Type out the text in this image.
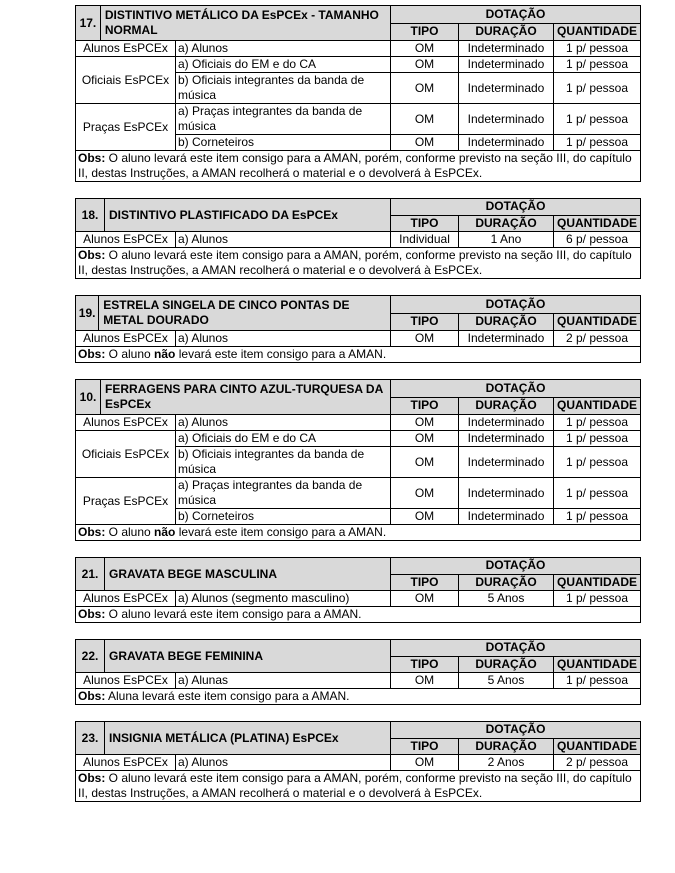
17.
DISTINTIVO METÁLICO DA EsPCEx - TAMANHO NORMAL		DOTAÇÃO		
		TIPO	DURAÇÃO	QUANTIDADE
Alunos EsPCEx	a) Alunos	OM	Indeterminado	1 p/ pessoa
Oficiais EsPCEx	a) Oficiais do EM e do CA	OM	Indeterminado	1 p/ pessoa
	b) Oficiais integrantes da banda de música	OM	Indeterminado	1 p/ pessoa
Praças EsPCEx	a) Praças integrantes da banda de música	OM	Indeterminado	1 p/ pessoa
	b) Corneteiros	OM	Indeterminado	1 p/ pessoa
Obs: O aluno levará este item consigo para a AMAN, porém, conforme previsto na seção III, do capítulo II, destas Instruções, a AMAN recolherá o material e o devolverá à EsPCEx.				
18. DISTINTIVO PLASTIFICADO DA EsPCEx		DOTAÇÃO		
		TIPO	DURAÇÃO	QUANTIDADE
Alunos EsPCEx	a) Alunos	Individual	1 Ano	6 p/ pessoa
Obs: O aluno levará este item consigo para a AMAN, porém, conforme previsto na seção III, do capítulo II, destas Instruções, a AMAN recolherá o material e o devolverá à EsPCEx.				
19.
ESTRELA SINGELA DE CINCO PONTAS DE METAL DOURADO		DOTAÇÃO		
		TIPO	DURAÇÃO	QUANTIDADE
Alunos EsPCEx	a) Alunos	OM	Indeterminado	2 p/ pessoa
Obs: O aluno não levará este item consigo para a AMAN.				
10.
FERRAGENS PARA CINTO AZUL-TURQUESA DA EsPCEx		DOTAÇÃO		
		TIPO	DURAÇÃO	QUANTIDADE
Alunos EsPCEx	a) Alunos	OM	Indeterminado	1 p/ pessoa
Oficiais EsPCEx	a) Oficiais do EM e do CA	OM	Indeterminado	1 p/ pessoa
	b) Oficiais integrantes da banda de música	OM	Indeterminado	1 p/ pessoa
Praças EsPCEx	a) Praças integrantes da banda de música	OM	Indeterminado	1 p/ pessoa
	b) Corneteiros	OM	Indeterminado	1 p/ pessoa
Obs: O aluno não levará este item consigo para a AMAN.				
21. GRAVATA BEGE MASCULINA		DOTAÇÃO		
		TIPO	DURAÇÃO	QUANTIDADE
Alunos EsPCEx	a) Alunos (segmento masculino)	OM	5 Anos	1 p/ pessoa
Obs: O aluno levará este item consigo para a AMAN.				
22. GRAVATA BEGE FEMININA		DOTAÇÃO		
		TIPO	DURAÇÃO	QUANTIDADE
Alunos EsPCEx	a) Alunas	OM	5 Anos	1 p/ pessoa
Obs: Aluna levará este item consigo para a AMAN.				
23. INSIGNIA METÁLICA (PLATINA) EsPCEx		DOTAÇÃO		
		TIPO	DURAÇÃO	QUANTIDADE
Alunos EsPCEx	a) Alunos	OM	2 Anos	2 p/ pessoa
Obs: O aluno levará este item consigo para a AMAN, porém, conforme previsto na seção III, do capítulo II, destas Instruções, a AMAN recolherá o material e o devolverá à EsPCEx.				
